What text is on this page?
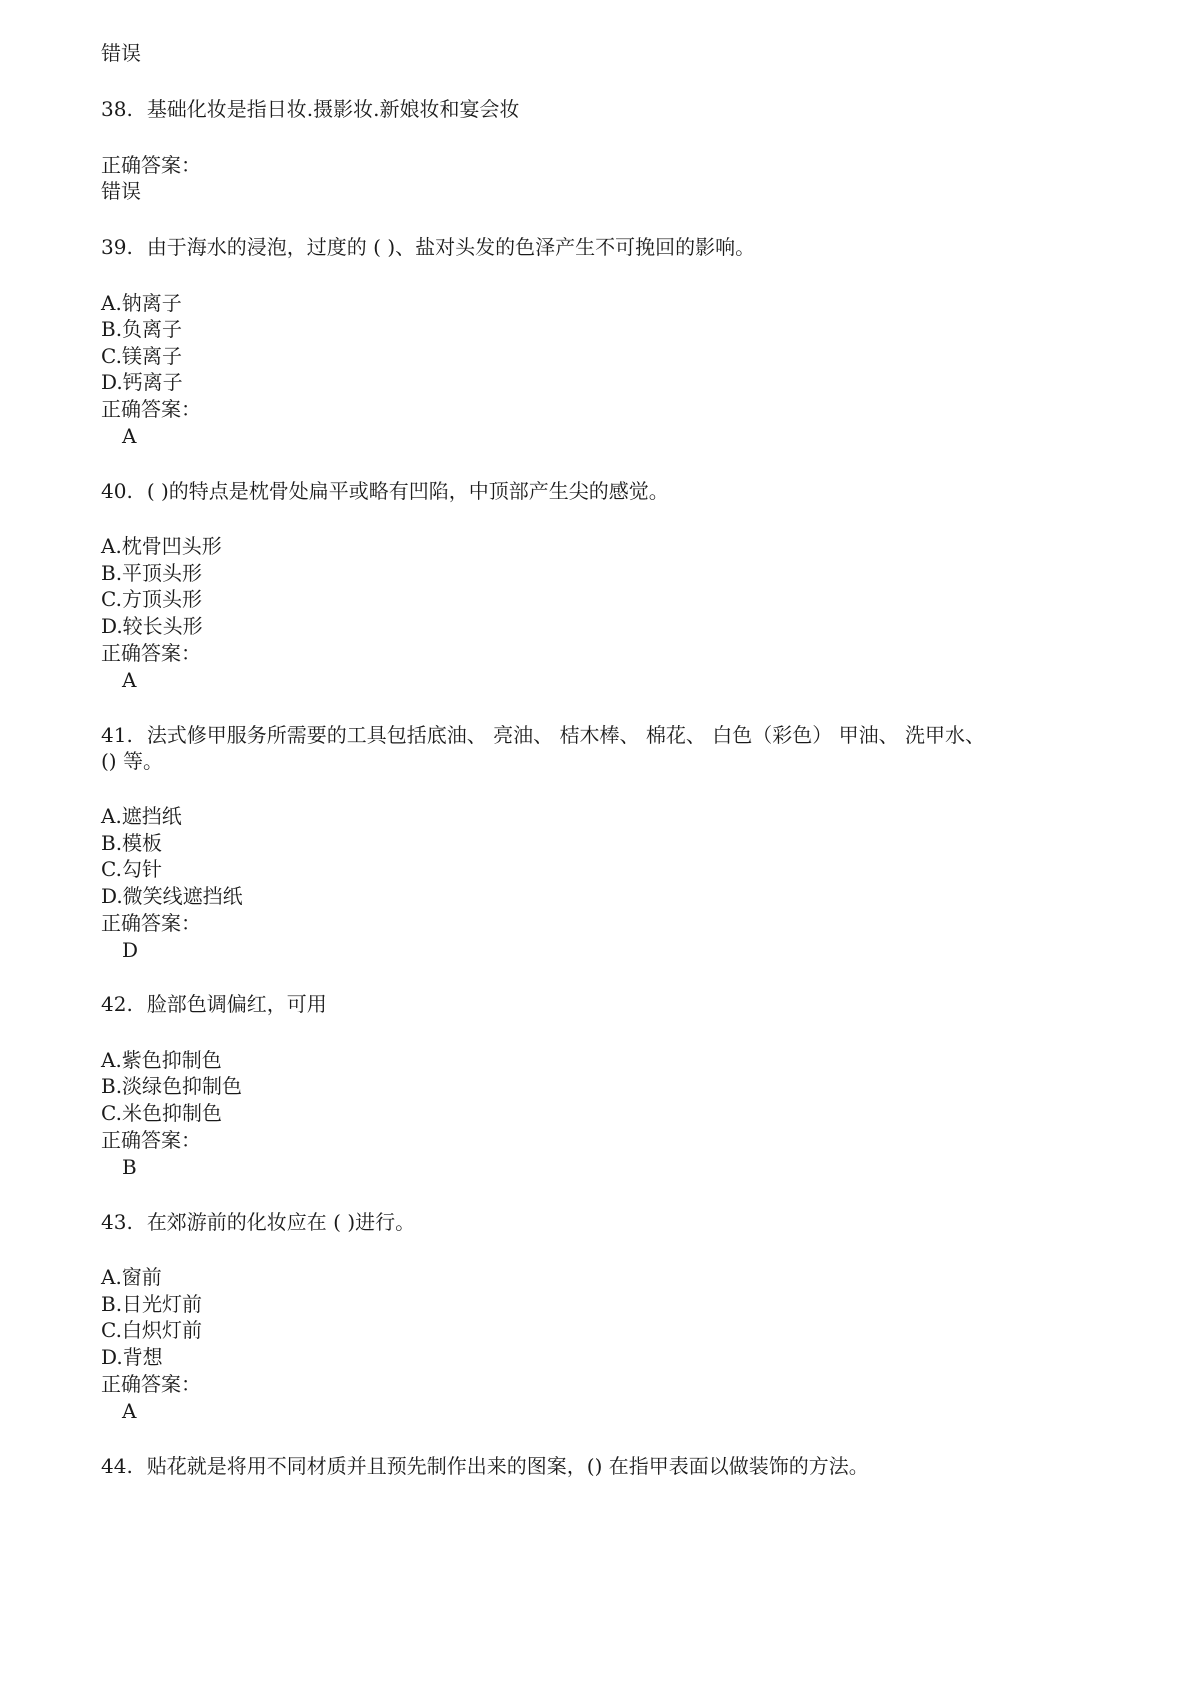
错误
38. 基础化妆是指日妆.摄影妆.新娘妆和宴会妆
正确答案：
错误
39. 由于海水的浸泡，过度的 ( )、盐对头发的色泽产生不可挽回的影响。
A.钠离子
B.负离子
C.镁离子
D.钙离子
正确答案：
A
40. ( )的特点是枕骨处扁平或略有凹陷，中顶部产生尖的感觉。
A.枕骨凹头形
B.平顶头形
C.方顶头形
D.较长头形
正确答案：
A
41. 法式修甲服务所需要的工具包括底油、 亮油、 桔木棒、 棉花、 白色（彩色） 甲油、 洗甲水、
() 等。
A.遮挡纸
B.模板
C.勾针
D.微笑线遮挡纸
正确答案：
D
42. 脸部色调偏红，可用
A.紫色抑制色
B.淡绿色抑制色
C.米色抑制色
正确答案：
B
43. 在郊游前的化妆应在 ( )进行。
A.窗前
B.日光灯前
C.白炽灯前
D.背想
正确答案：
A
44. 贴花就是将用不同材质并且预先制作出来的图案，() 在指甲表面以做装饰的方法。
